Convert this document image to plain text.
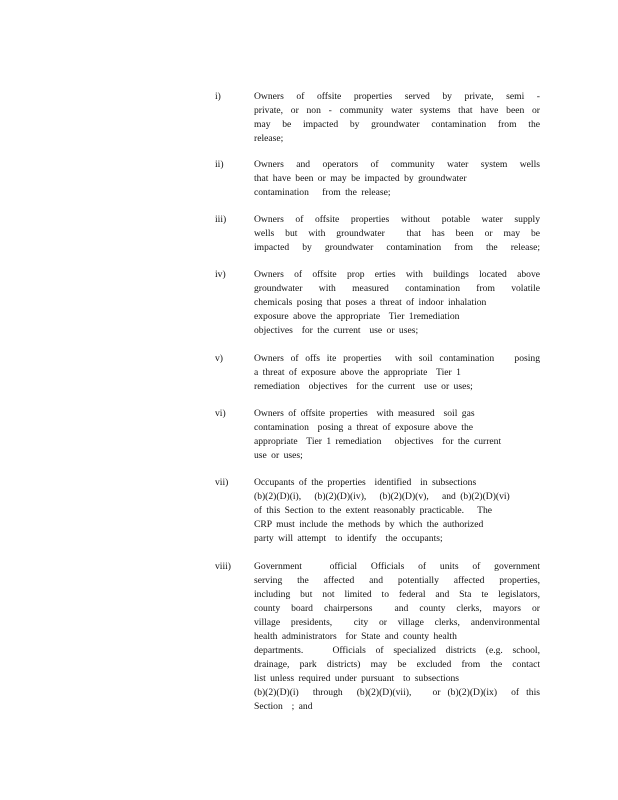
i)	Owners of offsite properties served by private, semi -
private, or non - community water systems that have been or
may be impacted by groundwater contamination from the
release;
ii)	Owners and operators of community water system wells
that have been or may be impacted by groundwater
contamination   from the release;
iii)	Owners of offsite properties without potable water supply
wells but with groundwater  that has been or may be
impacted by groundwater contamination from the release;
iv)	Owners of offsite prop erties with buildings located above
groundwater with measured contamination from volatile
chemicals posing that poses a threat of indoor inhalation
exposure above the appropriate  Tier 1remediation
objectives  for the current  use or uses;
v)	Owners of offs ite properties  with soil contamination   posing
a threat of exposure above the appropriate  Tier 1
remediation  objectives  for the current  use or uses;
vi)	Owners of offsite properties  with measured  soil gas
contamination  posing a threat of exposure above the
appropriate  Tier 1 remediation   objectives  for the current
use or uses;
vii)	Occupants of the properties  identified  in subsections
(b)(2)(D)(i),   (b)(2)(D)(iv),   (b)(2)(D)(v),   and (b)(2)(D)(vi)
of this Section to the extent reasonably practicable.   The
CRP must include the methods by which the authorized
party will attempt  to identify  the occupants;
viii)	Government  official Officials of units of government
serving the affected and potentially affected properties,
including but not limited to federal and Sta te legislators,
county board chairpersons  and county clerks, mayors or
village presidents,  city or village clerks, andenvironmental
health administrators  for State and county health
departments.   Officials of specialized districts (e.g. school,
drainage, park districts) may be excluded from the contact
list unless required under pursuant  to subsections
(b)(2)(D)(i)  through  (b)(2)(D)(vii),   or (b)(2)(D)(ix)  of this
Section  ; and
